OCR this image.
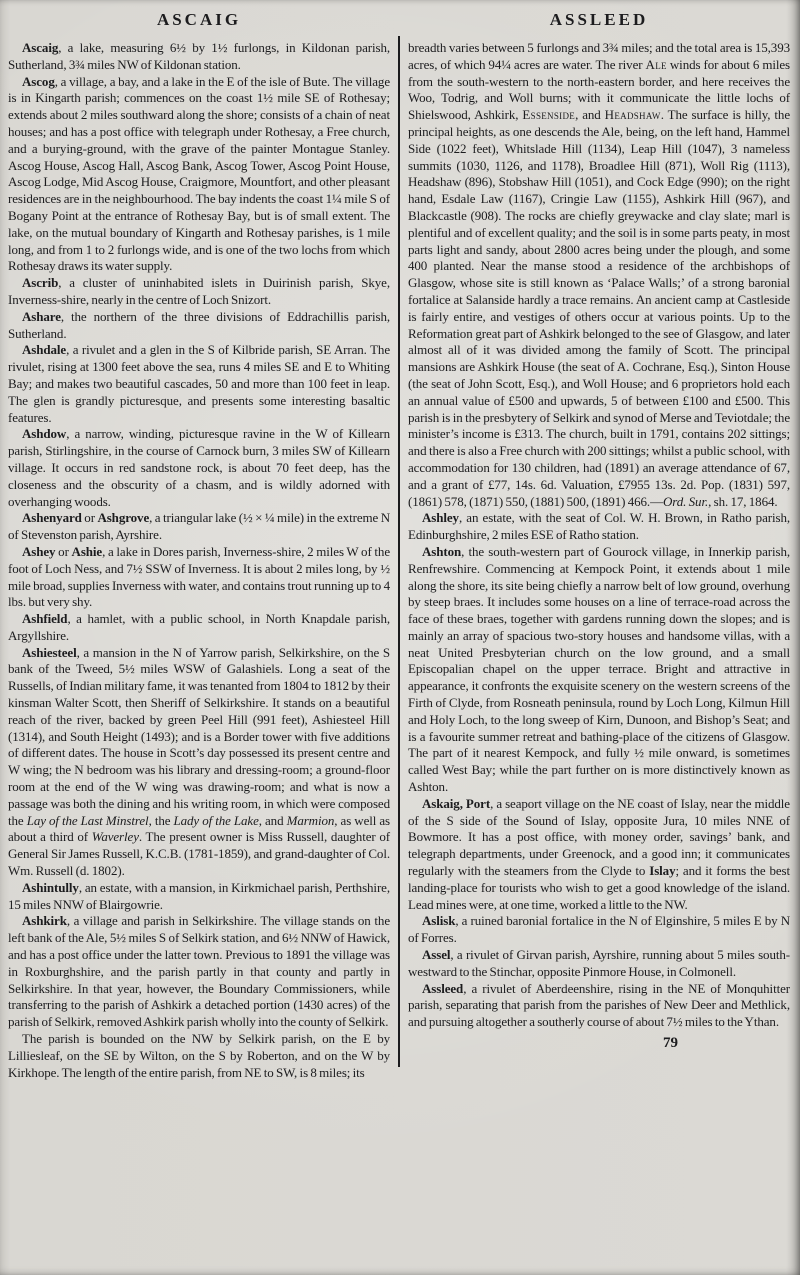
ASCAIG

Ascaig, a lake, measuring 6½ by 1½ furlongs, in Kildonan parish, Sutherland, 3¾ miles NW of Kildonan station.

Ascog, a village, a bay, and a lake in the E of the isle of Bute. The village is in Kingarth parish; commences on the coast 1½ mile SE of Rothesay; extends about 2 miles southward along the shore; consists of a chain of neat houses; and has a post office with telegraph under Rothesay, a Free church, and a burying-ground, with the grave of the painter Montague Stanley. Ascog House, Ascog Hall, Ascog Bank, Ascog Tower, Ascog Point House, Ascog Lodge, Mid Ascog House, Craigmore, Mountfort, and other pleasant residences are in the neighbourhood. The bay indents the coast 1¼ mile S of Bogany Point at the entrance of Rothesay Bay, but is of small extent. The lake, on the mutual boundary of Kingarth and Rothesay parishes, is 1 mile long, and from 1 to 2 furlongs wide, and is one of the two lochs from which Rothesay draws its water supply.

Ascrib, a cluster of uninhabited islets in Duirinish parish, Skye, Inverness-shire, nearly in the centre of Loch Snizort.

Ashare, the northern of the three divisions of Eddrachillis parish, Sutherland.

Ashdale, a rivulet and a glen in the S of Kilbride parish, SE Arran. The rivulet, rising at 1300 feet above the sea, runs 4 miles SE and E to Whiting Bay; and makes two beautiful cascades, 50 and more than 100 feet in leap. The glen is grandly picturesque, and presents some interesting basaltic features.

Ashdow, a narrow, winding, picturesque ravine in the W of Killearn parish, Stirlingshire, in the course of Carnock burn, 3 miles SW of Killearn village. It occurs in red sandstone rock, is about 70 feet deep, has the closeness and the obscurity of a chasm, and is wildly adorned with overhanging woods.

Ashenyard or Ashgrove, a triangular lake (½ × ¼ mile) in the extreme N of Stevenston parish, Ayrshire.

Ashey or Ashie, a lake in Dores parish, Inverness-shire, 2 miles W of the foot of Loch Ness, and 7½ SSW of Inverness. It is about 2 miles long, by ½ mile broad, supplies Inverness with water, and contains trout running up to 4 lbs. but very shy.

Ashfield, a hamlet, with a public school, in North Knapdale parish, Argyllshire.

Ashiesteel, a mansion in the N of Yarrow parish, Selkirkshire, on the S bank of the Tweed, 5½ miles WSW of Galashiels. Long a seat of the Russells, of Indian military fame, it was tenanted from 1804 to 1812 by their kinsman Walter Scott, then Sheriff of Selkirkshire. It stands on a beautiful reach of the river, backed by green Peel Hill (991 feet), Ashiesteel Hill (1314), and South Height (1493); and is a Border tower with five additions of different dates. The house in Scott’s day possessed its present centre and W wing; the N bedroom was his library and dressing-room; a ground-floor room at the end of the W wing was drawing-room; and what is now a passage was both the dining and his writing room, in which were composed the Lay of the Last Minstrel, the Lady of the Lake, and Marmion, as well as about a third of Waverley. The present owner is Miss Russell, daughter of General Sir James Russell, K.C.B. (1781-1859), and grand-daughter of Col. Wm. Russell (d. 1802).

Ashintully, an estate, with a mansion, in Kirkmichael parish, Perthshire, 15 miles NNW of Blairgowrie.

Ashkirk, a village and parish in Selkirkshire. The village stands on the left bank of the Ale, 5½ miles S of Selkirk station, and 6½ NNW of Hawick, and has a post office under the latter town. Previous to 1891 the village was in Roxburghshire, and the parish partly in that county and partly in Selkirkshire. In that year, however, the Boundary Commissioners, while transferring to the parish of Ashkirk a detached portion (1430 acres) of the parish of Selkirk, removed Ashkirk parish wholly into the county of Selkirk.

The parish is bounded on the NW by Selkirk parish, on the E by Lilliesleaf, on the SE by Wilton, on the S by Roberton, and on the W by Kirkhope. The length of the entire parish, from NE to SW, is 8 miles; its

ASSLEED

breadth varies between 5 furlongs and 3¾ miles; and the total area is 15,393 acres, of which 94¼ acres are water. The river Ale winds for about 6 miles from the south-western to the north-eastern border, and here receives the Woo, Todrig, and Woll burns; with it communicate the little lochs of Shielswood, Ashkirk, Essenside, and Headshaw. The surface is hilly, the principal heights, as one descends the Ale, being, on the left hand, Hammel Side (1022 feet), Whitslade Hill (1134), Leap Hill (1047), 3 nameless summits (1030, 1126, and 1178), Broadlee Hill (871), Woll Rig (1113), Headshaw (896), Stobshaw Hill (1051), and Cock Edge (990); on the right hand, Esdale Law (1167), Cringie Law (1155), Ashkirk Hill (967), and Blackcastle (908). The rocks are chiefly greywacke and clay slate; marl is plentiful and of excellent quality; and the soil is in some parts peaty, in most parts light and sandy, about 2800 acres being under the plough, and some 400 planted. Near the manse stood a residence of the archbishops of Glasgow, whose site is still known as ‘Palace Walls;’ of a strong baronial fortalice at Salanside hardly a trace remains. An ancient camp at Castleside is fairly entire, and vestiges of others occur at various points. Up to the Reformation great part of Ashkirk belonged to the see of Glasgow, and later almost all of it was divided among the family of Scott. The principal mansions are Ashkirk House (the seat of A. Cochrane, Esq.), Sinton House (the seat of John Scott, Esq.), and Woll House; and 6 proprietors hold each an annual value of £500 and upwards, 5 of between £100 and £500. This parish is in the presbytery of Selkirk and synod of Merse and Teviotdale; the minister’s income is £313. The church, built in 1791, contains 202 sittings; and there is also a Free church with 200 sittings; whilst a public school, with accommodation for 130 children, had (1891) an average attendance of 67, and a grant of £77, 14s. 6d. Valuation, £7955 13s. 2d. Pop. (1831) 597, (1861) 578, (1871) 550, (1881) 500, (1891) 466.—Ord. Sur., sh. 17, 1864.

Ashley, an estate, with the seat of Col. W. H. Brown, in Ratho parish, Edinburghshire, 2 miles ESE of Ratho station.

Ashton, the south-western part of Gourock village, in Innerkip parish, Renfrewshire. Commencing at Kempock Point, it extends about 1 mile along the shore, its site being chiefly a narrow belt of low ground, overhung by steep braes. It includes some houses on a line of terrace-road across the face of these braes, together with gardens running down the slopes; and is mainly an array of spacious two-story houses and handsome villas, with a neat United Presbyterian church on the low ground, and a small Episcopalian chapel on the upper terrace. Bright and attractive in appearance, it confronts the exquisite scenery on the western screens of the Firth of Clyde, from Rosneath peninsula, round by Loch Long, Kilmun Hill and Holy Loch, to the long sweep of Kirn, Dunoon, and Bishop’s Seat; and is a favourite summer retreat and bathing-place of the citizens of Glasgow. The part of it nearest Kempock, and fully ½ mile onward, is sometimes called West Bay; while the part further on is more distinctively known as Ashton.

Askaig, Port, a seaport village on the NE coast of Islay, near the middle of the S side of the Sound of Islay, opposite Jura, 10 miles NNE of Bowmore. It has a post office, with money order, savings’ bank, and telegraph departments, under Greenock, and a good inn; it communicates regularly with the steamers from the Clyde to Islay; and it forms the best landing-place for tourists who wish to get a good knowledge of the island. Lead mines were, at one time, worked a little to the NW.

Aslisk, a ruined baronial fortalice in the N of Elginshire, 5 miles E by N of Forres.

Assel, a rivulet of Girvan parish, Ayrshire, running about 5 miles south-westward to the Stinchar, opposite Pinmore House, in Colmonell.

Assleed, a rivulet of Aberdeenshire, rising in the NE of Monquhitter parish, separating that parish from the parishes of New Deer and Methlick, and pursuing altogether a southerly course of about 7½ miles to the Ythan.

79
